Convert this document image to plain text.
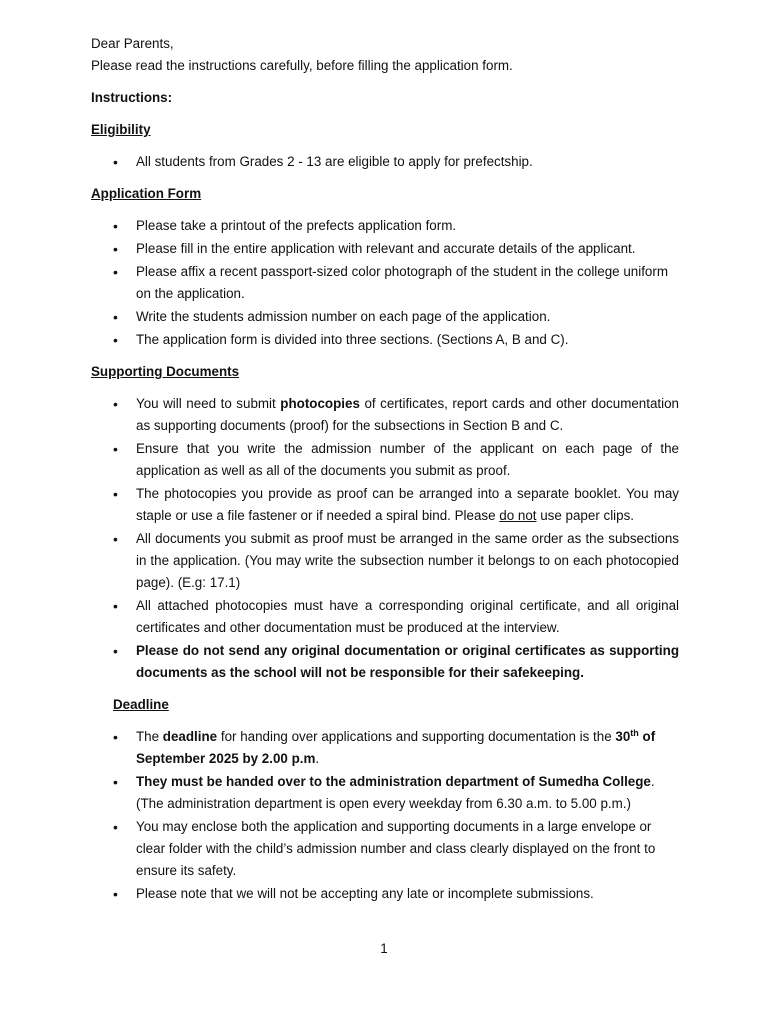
Dear Parents,

Please read the instructions carefully, before filling the application form.

Instructions:

Eligibility

• All students from Grades 2 - 13 are eligible to apply for prefectship.

Application Form

• Please take a printout of the prefects application form.
• Please fill in the entire application with relevant and accurate details of the applicant.
• Please affix a recent passport-sized color photograph of the student in the college uniform on the application.
• Write the students admission number on each page of the application.
• The application form is divided into three sections. (Sections A, B and C).

Supporting Documents

• You will need to submit photocopies of certificates, report cards and other documentation as supporting documents (proof) for the subsections in Section B and C.
• Ensure that you write the admission number of the applicant on each page of the application as well as all of the documents you submit as proof.
• The photocopies you provide as proof can be arranged into a separate booklet. You may staple or use a file fastener or if needed a spiral bind. Please do not use paper clips.
• All documents you submit as proof must be arranged in the same order as the subsections in the application. (You may write the subsection number it belongs to on each photocopied page). (E.g: 17.1)
• All attached photocopies must have a corresponding original certificate, and all original certificates and other documentation must be produced at the interview.
• Please do not send any original documentation or original certificates as supporting documents as the school will not be responsible for their safekeeping.

Deadline

• The deadline for handing over applications and supporting documentation is the 30th of September 2025 by 2.00 p.m.
• They must be handed over to the administration department of Sumedha College. (The administration department is open every weekday from 6.30 a.m. to 5.00 p.m.)
• You may enclose both the application and supporting documents in a large envelope or clear folder with the child’s admission number and class clearly displayed on the front to ensure its safety.
• Please note that we will not be accepting any late or incomplete submissions.
1
